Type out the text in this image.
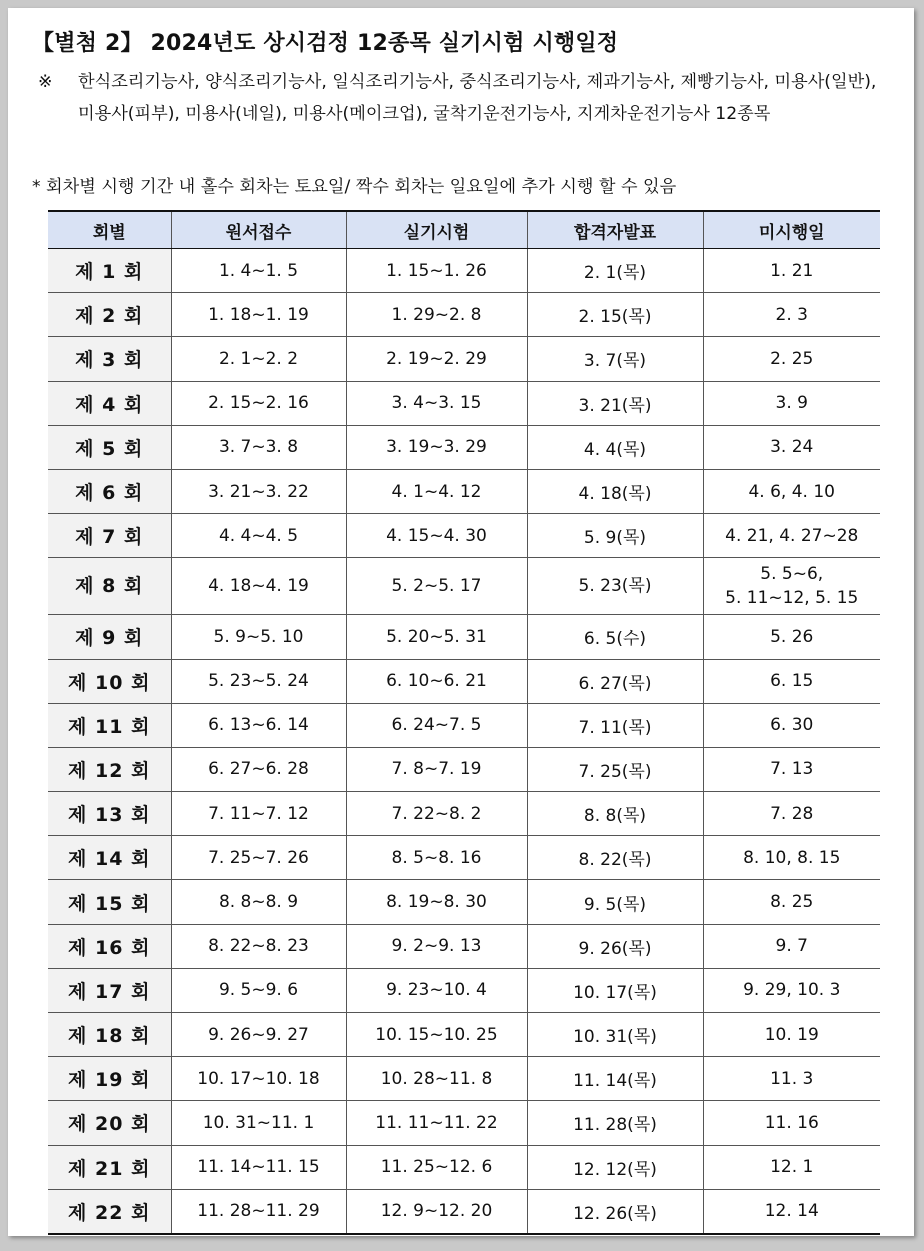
【별첨 2】 2024년도 상시검정 12종목 실기시험 시행일정
※ 한식조리기능사, 양식조리기능사, 일식조리기능사, 중식조리기능사, 제과기능사, 제빵기능사, 미용사(일반), 미용사(피부), 미용사(네일), 미용사(메이크업), 굴착기운전기능사, 지게차운전기능사 12종목
* 회차별 시행 기간 내 홀수 회차는 토요일/ 짝수 회차는 일요일에 추가 시행 할 수 있음
회별	원서접수	실기시험	합격자발표	미시행일
제 1 회	1. 4~1. 5	1. 15~1. 26	2. 1(목)	1. 21
제 2 회	1. 18~1. 19	1. 29~2. 8	2. 15(목)	2. 3
제 3 회	2. 1~2. 2	2. 19~2. 29	3. 7(목)	2. 25
제 4 회	2. 15~2. 16	3. 4~3. 15	3. 21(목)	3. 9
제 5 회	3. 7~3. 8	3. 19~3. 29	4. 4(목)	3. 24
제 6 회	3. 21~3. 22	4. 1~4. 12	4. 18(목)	4. 6, 4. 10
제 7 회	4. 4~4. 5	4. 15~4. 30	5. 9(목)	4. 21, 4. 27~28
제 8 회	4. 18~4. 19	5. 2~5. 17	5. 23(목)	5. 5~6,
5. 11~12, 5. 15

제 9 회	5. 9~5. 10	5. 20~5. 31	6. 5(수)	5. 26
제 10 회	5. 23~5. 24	6. 10~6. 21	6. 27(목)	6. 15
제 11 회	6. 13~6. 14	6. 24~7. 5	7. 11(목)	6. 30
제 12 회	6. 27~6. 28	7. 8~7. 19	7. 25(목)	7. 13
제 13 회	7. 11~7. 12	7. 22~8. 2	8. 8(목)	7. 28
제 14 회	7. 25~7. 26	8. 5~8. 16	8. 22(목)	8. 10, 8. 15
제 15 회	8. 8~8. 9	8. 19~8. 30	9. 5(목)	8. 25
제 16 회	8. 22~8. 23	9. 2~9. 13	9. 26(목)	9. 7
제 17 회	9. 5~9. 6	9. 23~10. 4	10. 17(목)	9. 29, 10. 3
제 18 회	9. 26~9. 27	10. 15~10. 25	10. 31(목)	10. 19
제 19 회	10. 17~10. 18	10. 28~11. 8	11. 14(목)	11. 3
제 20 회	10. 31~11. 1	11. 11~11. 22	11. 28(목)	11. 16
제 21 회	11. 14~11. 15	11. 25~12. 6	12. 12(목)	12. 1
제 22 회	11. 28~11. 29	12. 9~12. 20	12. 26(목)	12. 14
